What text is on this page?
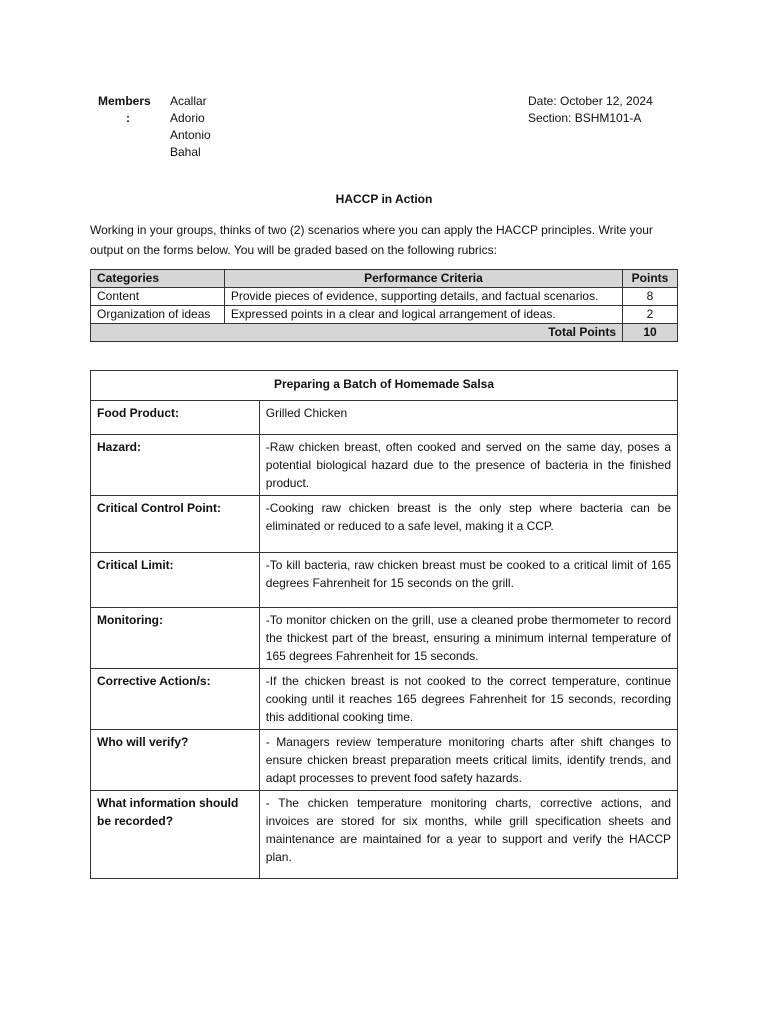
Members
:
Acallar
Adorio
Antonio
Bahal
Date: October 12, 2024
Section: BSHM101-A
HACCP in Action
Working in your groups, thinks of two (2) scenarios where you can apply the HACCP principles. Write your output on the forms below. You will be graded based on the following rubrics:
Categories	Performance Criteria	Points
Content	Provide pieces of evidence, supporting details, and factual scenarios.	8
Organization of ideas	Expressed points in a clear and logical arrangement of ideas.	2
Total Points		10
Preparing a Batch of Homemade Salsa	
Food Product:	Grilled Chicken
Hazard:	-Raw chicken breast, often cooked and served on the same day, poses a potential biological hazard due to the presence of bacteria in the finished product.
Critical Control Point:	-Cooking raw chicken breast is the only step where bacteria can be eliminated or reduced to a safe level, making it a CCP.
Critical Limit:	-To kill bacteria, raw chicken breast must be cooked to a critical limit of 165 degrees Fahrenheit for 15 seconds on the grill.
Monitoring:	-To monitor chicken on the grill, use a cleaned probe thermometer to record the thickest part of the breast, ensuring a minimum internal temperature of 165 degrees Fahrenheit for 15 seconds.
Corrective Action/s:	-If the chicken breast is not cooked to the correct temperature, continue cooking until it reaches 165 degrees Fahrenheit for 15 seconds, recording this additional cooking time.
Who will verify?	- Managers review temperature monitoring charts after shift changes to ensure chicken breast preparation meets critical limits, identify trends, and adapt processes to prevent food safety hazards.
What information should be recorded?	- The chicken temperature monitoring charts, corrective actions, and invoices are stored for six months, while grill specification sheets and maintenance are maintained for a year to support and verify the HACCP plan.
